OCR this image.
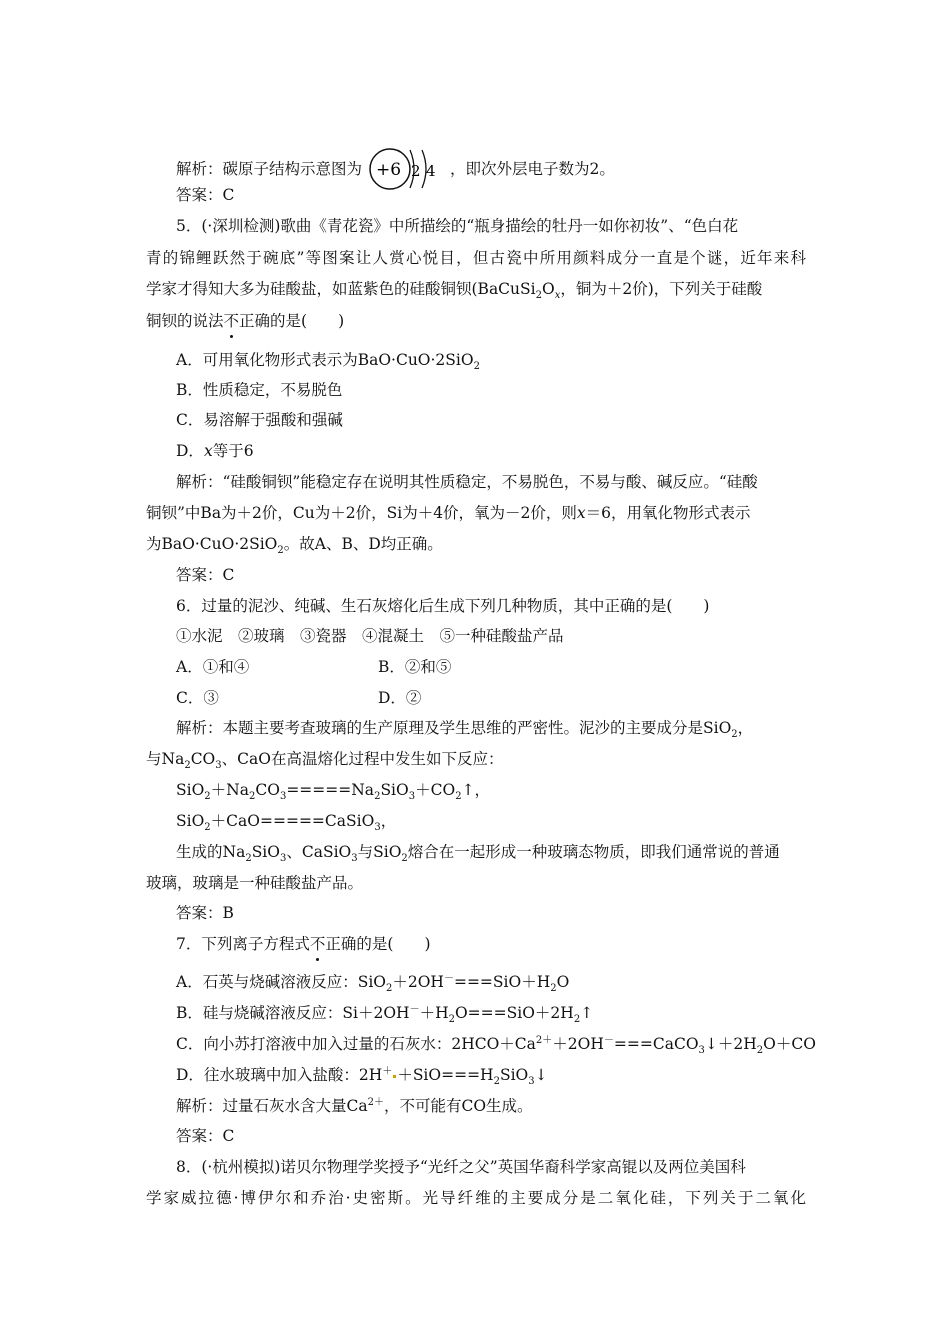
解析：碳原子结构示意图为 +6 2 4 ，即次外层电子数为2。
答案：C
5．(·深圳检测)歌曲《青花瓷》中所描绘的“瓶身描绘的牡丹一如你初妆”、“色白花
青的锦鲤跃然于碗底”等图案让人赏心悦目，但古瓷中所用颜料成分一直是个谜，近年来科
学家才得知大多为硅酸盐，如蓝紫色的硅酸铜钡($BaCuSi_2O_x$，铜为＋2价)，下列关于硅酸
铜钡的说法不正确的是(　　)
A．可用氧化物形式表示为BaO·CuO·2SiO$_2$
B．性质稳定，不易脱色
C．易溶解于强酸和强碱
D．x等于6
解析：“硅酸铜钡”能稳定存在说明其性质稳定，不易脱色，不易与酸、碱反应。“硅酸
铜钡”中Ba为＋2价，Cu为＋2价，Si为＋4价，氧为－2价，则x＝6，用氧化物形式表示
为BaO·CuO·2SiO$_2$。故A、B、D均正确。
答案：C
6．过量的泥沙、纯碱、生石灰熔化后生成下列几种物质，其中正确的是(　　)
①水泥　②玻璃　③瓷器　④混凝土　⑤一种硅酸盐产品
A．①和④	B．②和⑤
C．③	D．②
解析：本题主要考查玻璃的生产原理及学生思维的严密性。泥沙的主要成分是SiO$_2$，
与$Na_2CO_3$、CaO在高温熔化过程中发生如下反应：
$SiO_2+Na_2CO_3=====Na_2SiO_3+CO_2↑$，
SiO$_2$＋CaO=====CaSiO$_3$，
生成的$Na_2SiO_3$、CaSiO$_3$与SiO$_2$熔合在一起形成一种玻璃态物质，即我们通常说的普通
玻璃，玻璃是一种硅酸盐产品。
答案：B
7．下列离子方程式不正确的是(　　)
A．石英与烧碱溶液反应：$SiO_2+2OH^-===SiO+H_2O$
B．硅与烧碱溶液反应：$Si+2OH^-+H_2O===SiO+2H_2↑$
C．向小苏打溶液中加入过量的石灰水：$2HCO+Ca^{2+}+2OH^-===CaCO_3↓+2H_2O+CO$
D．往水玻璃中加入盐酸：$2H^+ +SiO===H_2SiO_3↓$
解析：过量石灰水含大量$Ca^{2+}$，不可能有CO生成。
答案：C
8．(·杭州模拟)诺贝尔物理学奖授予“光纤之父”英国华裔科学家高锟以及两位美国科
学家威拉德·博伊尔和乔治·史密斯。光导纤维的主要成分是二氧化硅，下列关于二氧化
